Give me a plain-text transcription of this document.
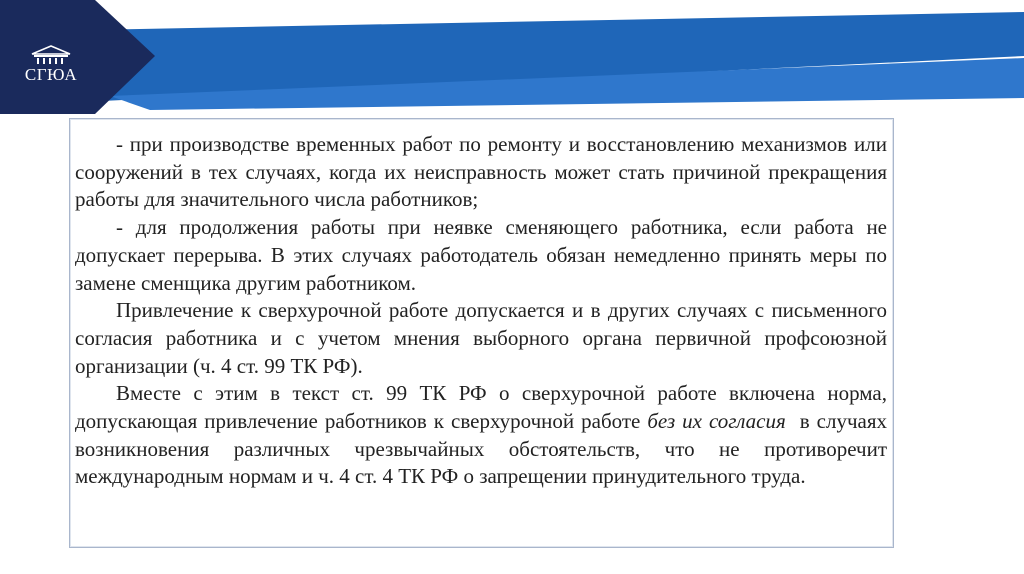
СГЮА

- при производстве временных работ по ремонту и восстановлению механизмов или сооружений в тех случаях, когда их неисправность может стать причиной прекращения работы для значительного числа работников;

- для продолжения работы при неявке сменяющего работника, если работа не допускает перерыва. В этих случаях работодатель обязан немедленно принять меры по замене сменщика другим работником.

Привлечение к сверхурочной работе допускается и в других случаях с письменного согласия работника и с учетом мнения выборного органа первичной профсоюзной организации (ч. 4 ст. 99 ТК РФ).

Вместе с этим в текст ст. 99 ТК РФ о сверхурочной работе включена норма, допускающая привлечение работников к сверхурочной работе без их согласия  в случаях возникновения различных чрезвычайных обстоятельств, что не противоречит международным нормам и ч. 4 ст. 4 ТК РФ о запрещении принудительного труда.
